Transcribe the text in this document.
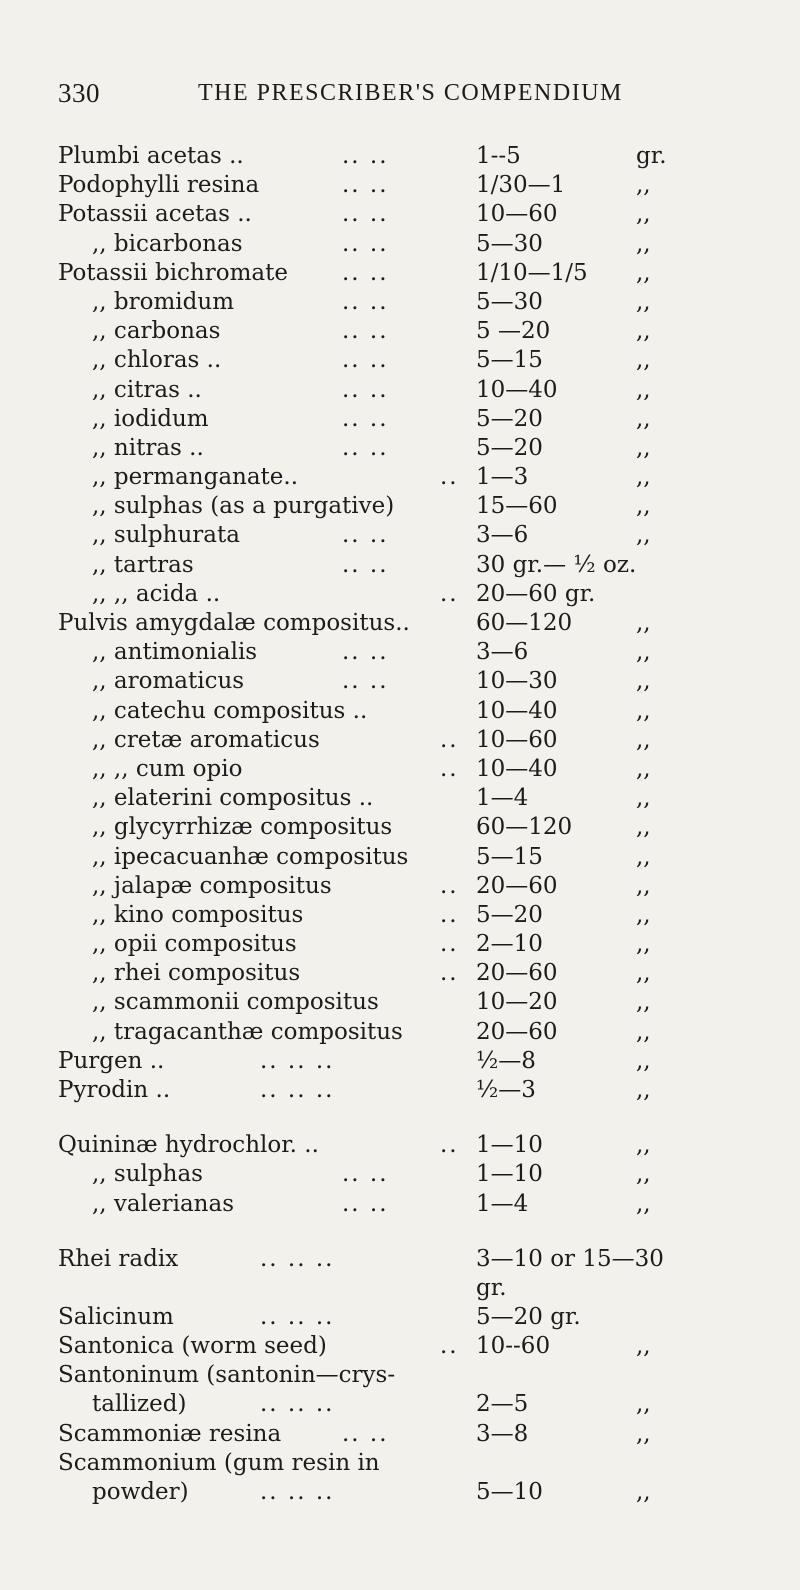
330	THE PRESCRIBER'S COMPENDIUM
Plumbi acetas ..	.. ..	1--5	gr.
Podophylli resina	.. ..	1/30—1	,,
Potassii acetas ..	.. ..	10—60	,,
,, bicarbonas	.. ..	5—30	,,
Potassii bichromate .. ..	1/10—1/5 ,,
,, bromidum	.. ..	5—30	,,
,, carbonas	.. ..	5 —20	,,
,, chloras ..	.. ..	5—15	,,
,, citras ..	.. ..	10—40	,,
,, iodidum	.. ..	5—20	,,
,, nitras ..	.. ..	5—20	,,
,, permanganate..	.. 1—3	,,
,, sulphas (as a purgative)	15—60	,,
,, sulphurata	.. ..	3—6	,,
,, tartras	.. ..	30 gr.— ½ oz.
,, ,, acida ..	.. 20—60 gr.
Pulvis amygdalæ compositus..	60—120	,,
,, antimonialis	.. ..	3—6	,,
,, aromaticus	.. ..	10—30	,,
,, catechu compositus ..	10—40	,,
,, cretæ aromaticus	.. 10—60	,,
,, ,, cum opio	.. 10—40	,,
,, elaterini compositus ..	1—4	,,
,, glycyrrhizæ compositus	60—120	,,
,, ipecacuanhæ compositus	5—15	,,
,, jalapæ compositus	.. 20—60	,,
,, kino compositus	.. 5—20	,,
,, opii compositus	.. 2—10	,,
,, rhei compositus	.. 20—60	,,
,, scammonii compositus	10—20	,,
,, tragacanthæ compositus	20—60	,,
Purgen ..	.. .. ..	½—8	,,
Pyrodin ..	.. .. ..	½—3	,,
Quininæ hydrochlor. ..	.. 1—10	,,
,, sulphas	.. ..	1—10	,,
,, valerianas	.. ..	1—4	,,
Rhei radix	.. .. ..	3—10 or 15—30
gr.
Salicinum	.. .. ..	5—20 gr.
Santonica (worm seed)	.. 10--60	,,
Santoninum (santonin—crys-
tallized)	.. .. ..	2—5	,,
Scammoniæ resina	.. ..	3—8	,,
Scammonium (gum resin in
powder)	.. .. ..	5—10	,,
